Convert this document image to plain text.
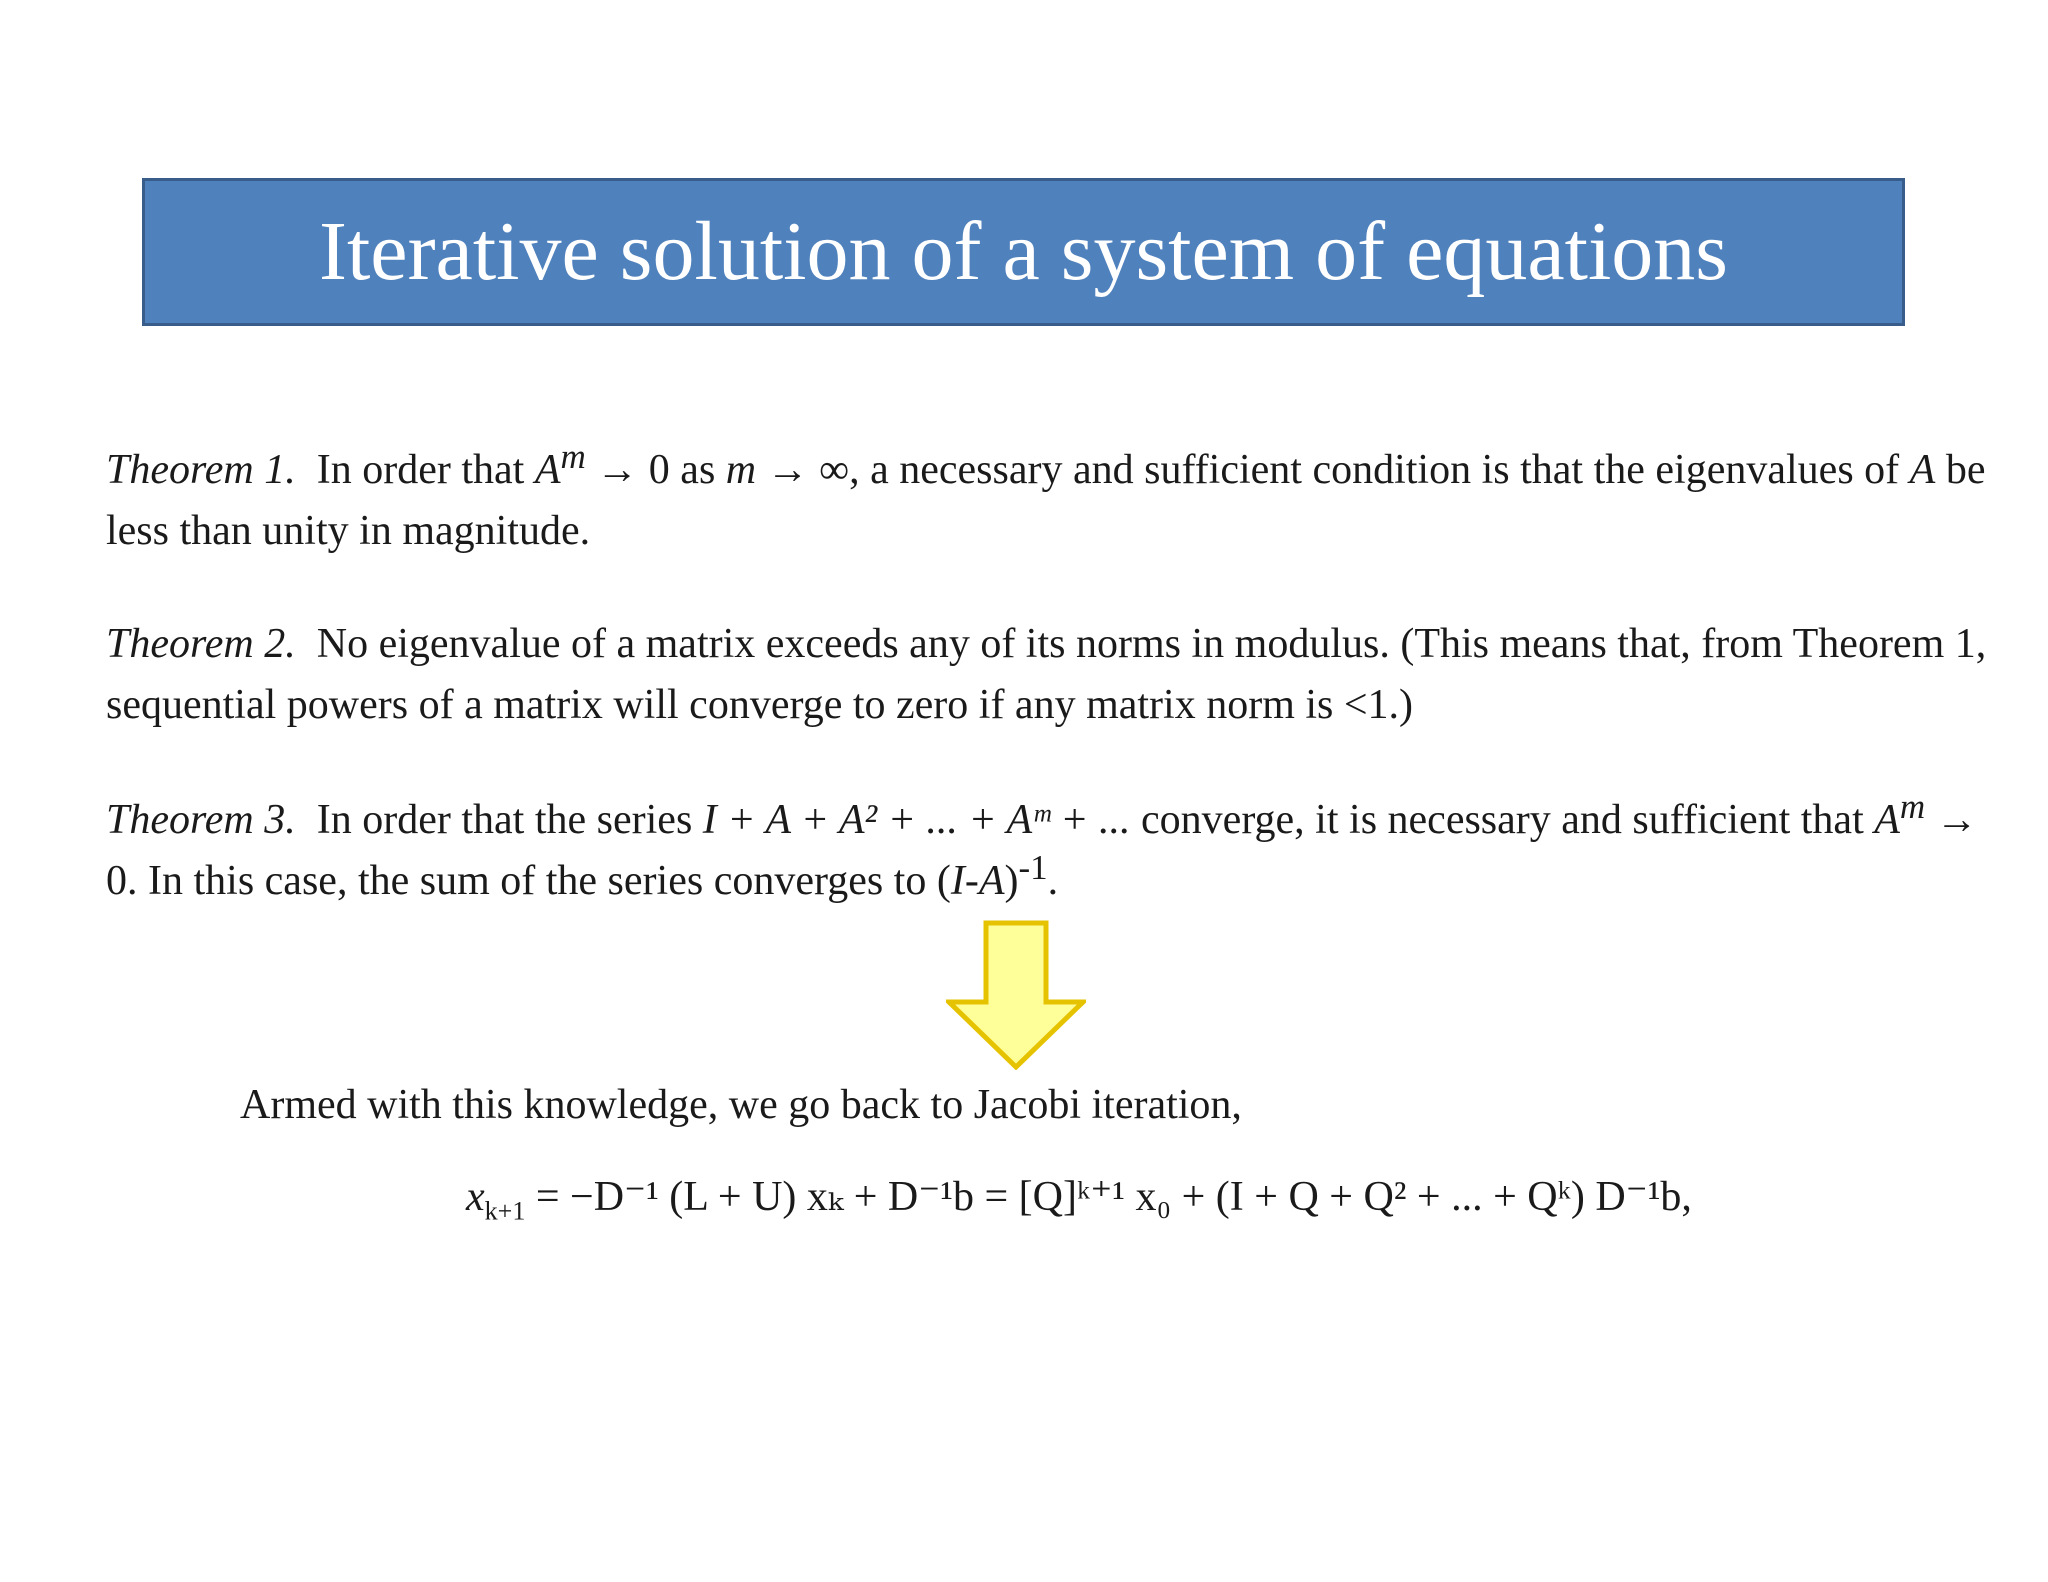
Iterative solution of a system of equations

Theorem 1. In order that $A^m \to 0$ as m → ∞, a necessary and sufficient condition is that the eigenvalues of A be less than unity in magnitude.

Theorem 2. No eigenvalue of a matrix exceeds any of its norms in modulus. (This means that, from Theorem 1, sequential powers of a matrix will converge to zero if any matrix norm is <1.)

Theorem 3. In order that the series I + A + A² + ... + Aᵐ + ... converge, it is necessary and sufficient that $A^m \to 0$. In this case, the sum of the series converges to $(I-A)^{-1}$.

Armed with this knowledge, we go back to Jacobi iteration,

$x_{k+1} = -D^{-1}$ (L + U) xₖ + D⁻¹b = [Q]ᵏ⁺¹ x₀ + (I + Q + Q² + ... + Qᵏ) D⁻¹b,
